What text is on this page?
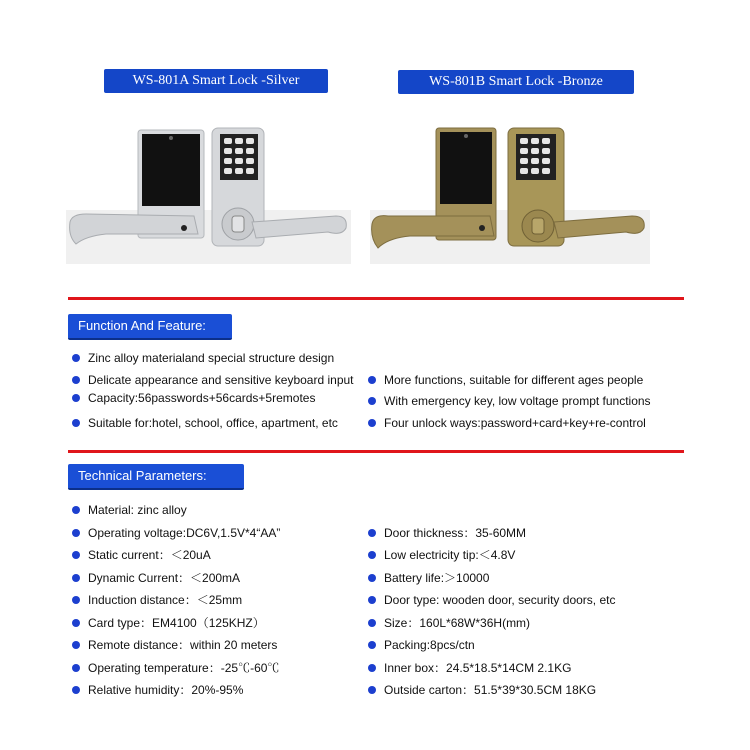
WS-801A Smart Lock -Silver	WS-801B Smart Lock -Bronze
Function And Feature:
Zinc alloy materialand special structure design
Delicate appearance and sensitive keyboard input
Capacity:56passwords+56cards+5remotes
Suitable for:hotel, school, office, apartment, etc
More functions, suitable for different ages people
With emergency key, low voltage prompt functions
Four unlock ways:password+card+key+re-control
Technical Parameters:
Material: zinc alloy
Operating voltage:DC6V,1.5V*4“AA”
Static current：＜20uA
Dynamic Current：＜200mA
Induction distance：＜25mm
Card type：EM4100（125KHZ）
Remote distance：within 20 meters
Operating temperature：-25℃-60℃
Relative humidity：20%-95%
Door thickness：35-60MM
Low electricity tip:＜4.8V
Battery life:＞10000
Door type: wooden door, security doors, etc
Size：160L*68W*36H(mm)
Packing:8pcs/ctn
Inner box：24.5*18.5*14CM 2.1KG
Outside carton：51.5*39*30.5CM 18KG
